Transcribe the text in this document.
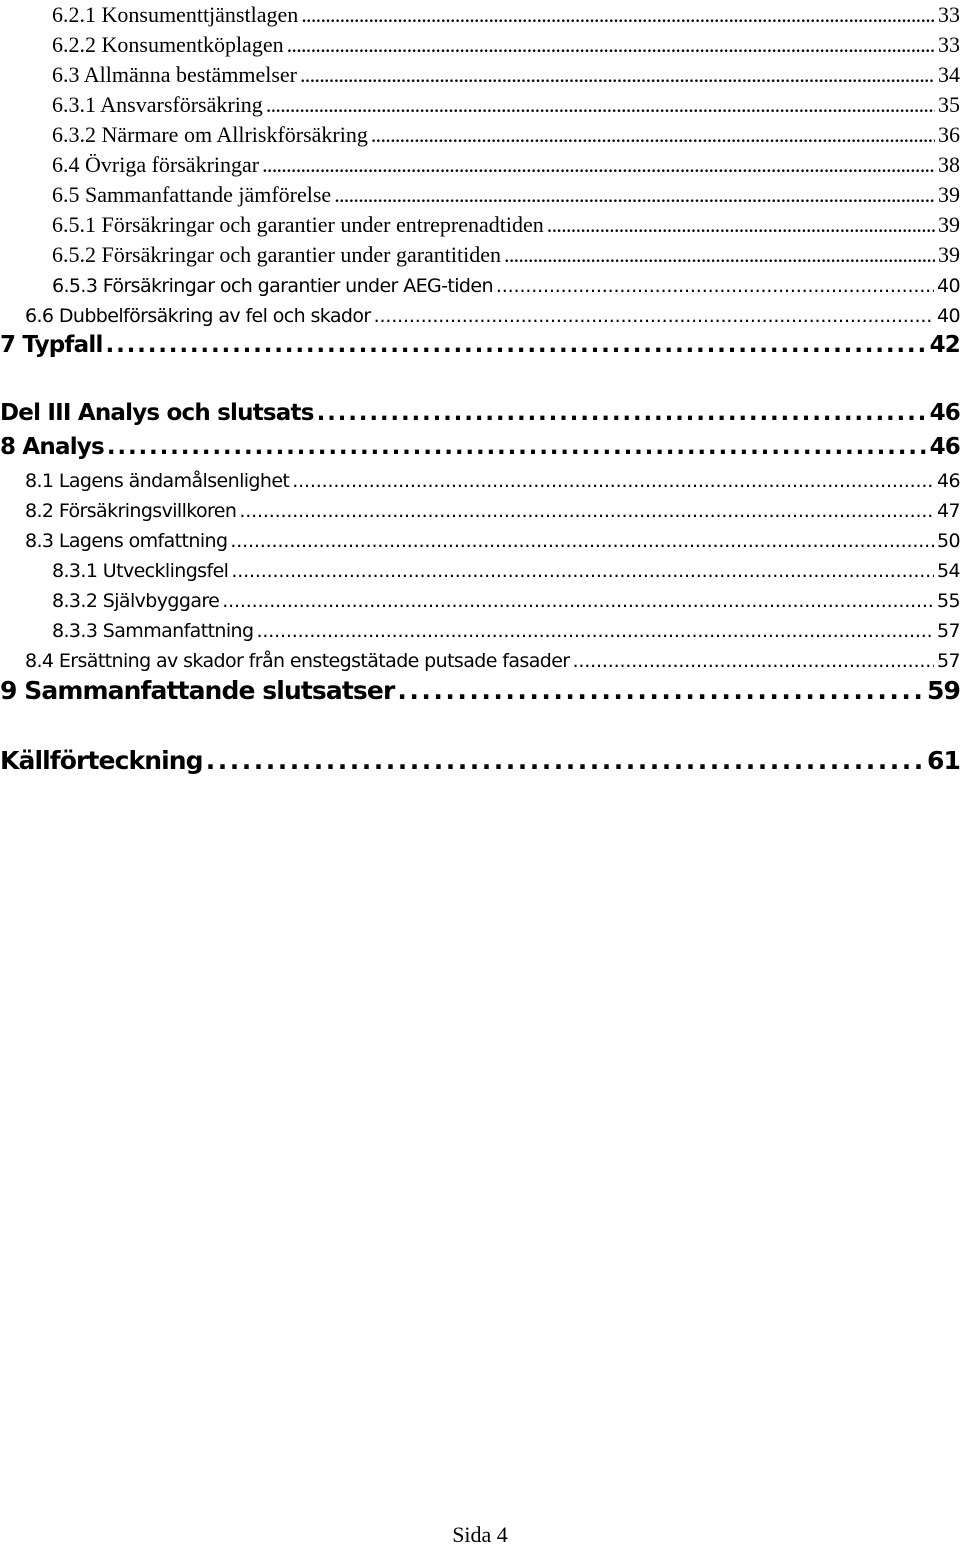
6.2.1 Konsumenttjänstlagen . . .	33
6.2.2 Konsumentköplagen . . .	33
6.3 Allmänna bestämmelser . . .	34
6.3.1 Ansvarsförsäkring . . .	35
6.3.2 Närmare om Allriskförsäkring . . .	36
6.4 Övriga försäkringar . . .	38
6.5 Sammanfattande jämförelse . . .	39
6.5.1 Försäkringar och garantier under entreprenadtiden . . .	39
6.5.2 Försäkringar och garantier under garantitiden . . .	39
6.5.3 Försäkringar och garantier under AEG-tiden . . .	40
6.6 Dubbelförsäkring av fel och skador . . .	40
7 Typfall . . .	42
Del III Analys och slutsats . . .	46
8 Analys . . .	46
8.1 Lagens ändamålsenlighet . . .	46
8.2 Försäkringsvillkoren . . .	47
8.3 Lagens omfattning . . .	50
8.3.1 Utvecklingsfel . . .	54
8.3.2 Självbyggare . . .	55
8.3.3 Sammanfattning . . .	57
8.4 Ersättning av skador från enstegstätade putsade fasader . . .	57
9 Sammanfattande slutsatser . . .	59
Källförteckning . . .	61
Sida 4
